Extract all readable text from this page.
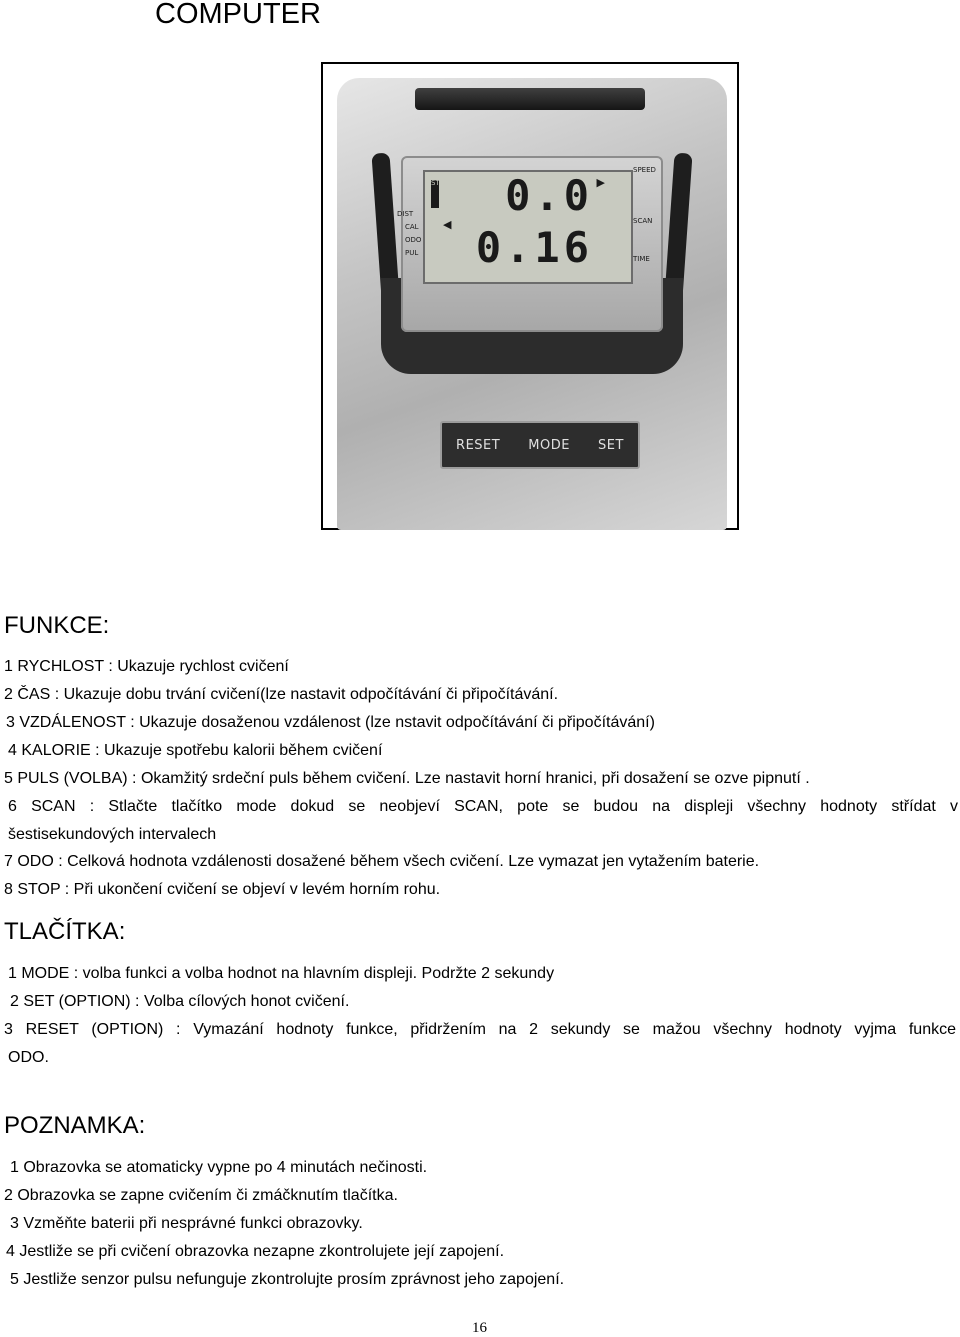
COMPUTER
STOP
◀
▶
0.0
0.16
DIST
CAL
ODO
PUL
SPEED
SCAN
TIME
RESET MODE SET
FUNKCE:
1 RYCHLOST : Ukazuje rychlost cvičení
2 ČAS : Ukazuje dobu trvání cvičení(lze nastavit odpočítávání či připočítávání.
3 VZDÁLENOST : Ukazuje dosaženou vzdálenost (lze nstavit odpočítávání či připočítávání)
4 KALORIE : Ukazuje spotřebu kalorii během cvičení
5 PULS (VOLBA) : Okamžitý srdeční puls během cvičení. Lze nastavit horní hranici, při dosažení se ozve pipnutí .
6 SCAN : Stlačte tlačítko mode dokud se neobjeví SCAN, pote se budou na displeji všechny hodnoty střídat v
šestisekundových intervalech
7 ODO : Celková hodnota vzdálenosti dosažené během všech cvičení. Lze vymazat jen vytažením baterie.
8 STOP : Při ukončení cvičení se objeví v levém horním rohu.
TLAČÍTKA:
1 MODE : volba funkci a volba hodnot na hlavním displeji. Podržte 2 sekundy
2 SET (OPTION) : Volba cílových honot cvičení.
3 RESET (OPTION) : Vymazání hodnoty funkce, přidržením na 2 sekundy se mažou všechny hodnoty vyjma funkce
ODO.
POZNAMKA:
1 Obrazovka se atomaticky vypne po 4 minutách nečinosti.
2 Obrazovka se zapne cvičením či zmáčknutím tlačítka.
3 Vzměňte baterii při nesprávné funkci obrazovky.
4 Jestliže se při cvičení obrazovka nezapne zkontrolujete její zapojení.
5 Jestliže senzor pulsu nefunguje zkontrolujte prosím zprávnost jeho zapojení.
16
